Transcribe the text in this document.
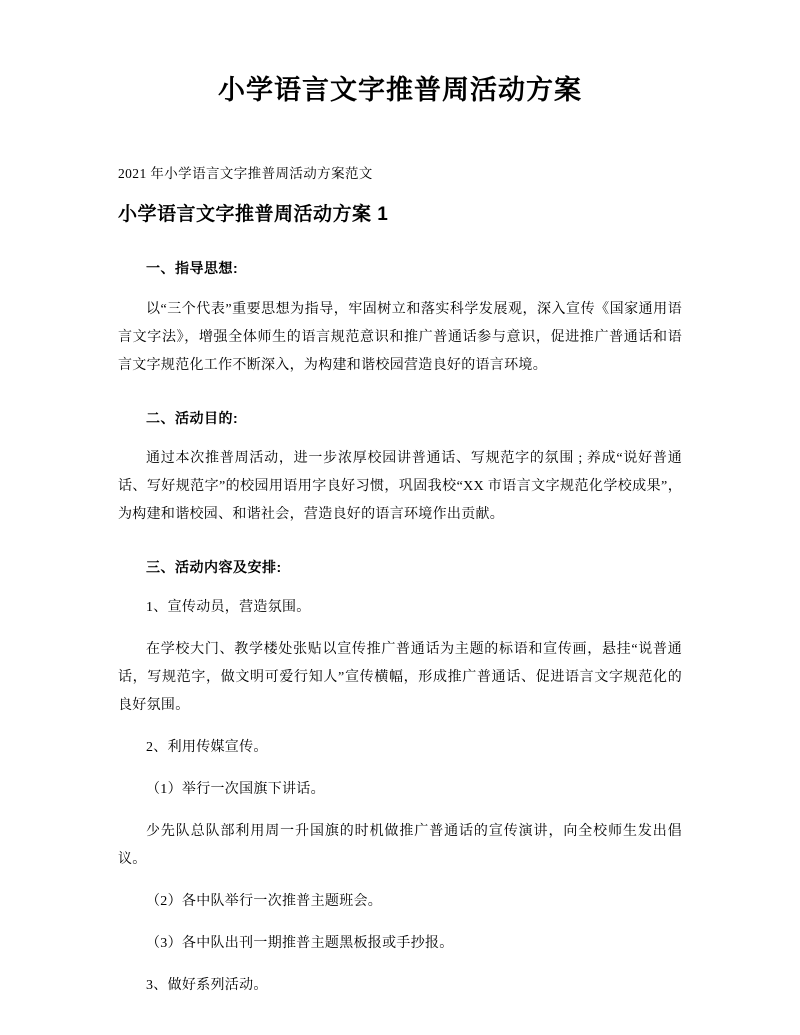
小学语言文字推普周活动方案

2021 年小学语言文字推普周活动方案范文

小学语言文字推普周活动方案 1
一、指导思想:

以“三个代表”重要思想为指导，牢固树立和落实科学发展观，深入宣传《国家通用语言文字法》，增强全体师生的语言规范意识和推广普通话参与意识，促进推广普通话和语言文字规范化工作不断深入，为构建和谐校园营造良好的语言环境。

二、活动目的:

通过本次推普周活动，进一步浓厚校园讲普通话、写规范字的氛围 ; 养成“说好普通话、写好规范字”的校园用语用字良好习惯，巩固我校“XX 市语言文字规范化学校成果”，为构建和谐校园、和谐社会，营造良好的语言环境作出贡献。

三、活动内容及安排:

1、宣传动员，营造氛围。

在学校大门、教学楼处张贴以宣传推广普通话为主题的标语和宣传画，悬挂“说普通话，写规范字，做文明可爱行知人”宣传横幅，形成推广普通话、促进语言文字规范化的良好氛围。

2、利用传媒宣传。

（1）举行一次国旗下讲话。

少先队总队部利用周一升国旗的时机做推广普通话的宣传演讲，向全校师生发出倡议。

（2）各中队举行一次推普主题班会。

（3）各中队出刊一期推普主题黑板报或手抄报。

3、做好系列活动。
